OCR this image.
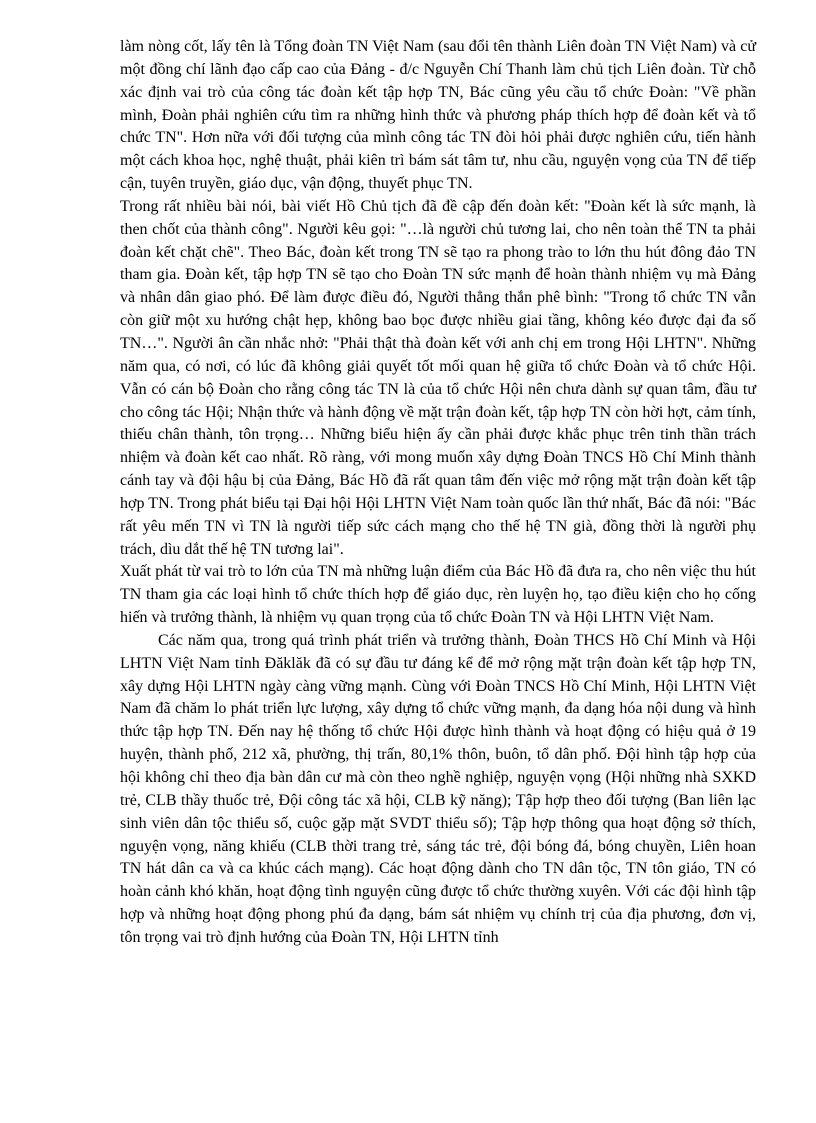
làm nòng cốt, lấy tên là Tổng đoàn TN Việt Nam (sau đổi tên thành Liên đoàn TN Việt Nam) và cử một đồng chí lãnh đạo cấp cao của Đảng - đ/c Nguyễn Chí Thanh làm chủ tịch Liên đoàn. Từ chỗ xác định vai trò của công tác đoàn kết tập hợp TN, Bác cũng yêu cầu tổ chức Đoàn: "Về phần mình, Đoàn phải nghiên cứu tìm ra những hình thức và phương pháp thích hợp để đoàn kết và tổ chức TN". Hơn nữa với đối tượng của mình công tác TN đòi hỏi phải được nghiên cứu, tiến hành một cách khoa học, nghệ thuật, phải kiên trì bám sát tâm tư, nhu cầu, nguyện vọng của TN để tiếp cận, tuyên truyền, giáo dục, vận động, thuyết phục TN.

Trong rất nhiều bài nói, bài viết Hồ Chủ tịch đã đề cập đến đoàn kết: "Đoàn kết là sức mạnh, là then chốt của thành công". Người kêu gọi: "…là người chủ tương lai, cho nên toàn thể TN ta phải đoàn kết chặt chẽ". Theo Bác, đoàn kết trong TN sẽ tạo ra phong trào to lớn thu hút đông đảo TN tham gia. Đoàn kết, tập hợp TN sẽ tạo cho Đoàn TN sức mạnh để hoàn thành nhiệm vụ mà Đảng và nhân dân giao phó. Để làm được điều đó, Người thẳng thắn phê bình: "Trong tổ chức TN vẫn còn giữ một xu hướng chật hẹp, không bao bọc được nhiều giai tầng, không kéo được đại đa số TN…". Người ân cần nhắc nhở: "Phải thật thà đoàn kết với anh chị em trong Hội LHTN". Những năm qua, có nơi, có lúc đã không giải quyết tốt mối quan hệ giữa tổ chức Đoàn và tổ chức Hội. Vẫn có cán bộ Đoàn cho rằng công tác TN là của tổ chức Hội nên chưa dành sự quan tâm, đầu tư cho công tác Hội; Nhận thức và hành động về mặt trận đoàn kết, tập hợp TN còn hời hợt, cảm tính, thiếu chân thành, tôn trọng… Những biểu hiện ấy cần phải được khắc phục trên tinh thần trách nhiệm và đoàn kết cao nhất. Rõ ràng, với mong muốn xây dựng Đoàn TNCS Hồ Chí Minh thành cánh tay và đội hậu bị của Đảng, Bác Hồ đã rất quan tâm đến việc mở rộng mặt trận đoàn kết tập hợp TN. Trong phát biểu tại Đại hội Hội LHTN Việt Nam toàn quốc lần thứ nhất, Bác đã nói: "Bác rất yêu mến TN vì TN là người tiếp sức cách mạng cho thế hệ TN già, đồng thời là người phụ trách, dìu dắt thế hệ TN tương lai".

Xuất phát từ vai trò to lớn của TN mà những luận điểm của Bác Hồ đã đưa ra, cho nên việc thu hút TN tham gia các loại hình tổ chức thích hợp để giáo dục, rèn luyện họ, tạo điều kiện cho họ cống hiến và trưởng thành, là nhiệm vụ quan trọng của tổ chức Đoàn TN và Hội LHTN Việt Nam.

Các năm qua, trong quá trình phát triển và trưởng thành, Đoàn THCS Hồ Chí Minh và Hội LHTN Việt Nam tỉnh Đăklăk đã có sự đầu tư đáng kể để mở rộng mặt trận đoàn kết tập hợp TN, xây dựng Hội LHTN ngày càng vững mạnh. Cùng với Đoàn TNCS Hồ Chí Minh, Hội LHTN Việt Nam đã chăm lo phát triển lực lượng, xây dựng tổ chức vững mạnh, đa dạng hóa nội dung và hình thức tập hợp TN. Đến nay hệ thống tổ chức Hội được hình thành và hoạt động có hiệu quả ở 19 huyện, thành phố, 212 xã, phường, thị trấn, 80,1% thôn, buôn, tổ dân phố. Đội hình tập hợp của hội không chỉ theo địa bàn dân cư mà còn theo nghề nghiệp, nguyện vọng (Hội những nhà SXKD trẻ, CLB thầy thuốc trẻ, Đội công tác xã hội, CLB kỹ năng); Tập hợp theo đối tượng (Ban liên lạc sinh viên dân tộc thiểu số, cuộc gặp mặt SVDT thiểu số); Tập hợp thông qua hoạt động sở thích, nguyện vọng, năng khiếu (CLB thời trang trẻ, sáng tác trẻ, đội bóng đá, bóng chuyền, Liên hoan TN hát dân ca và ca khúc cách mạng). Các hoạt động dành cho TN dân tộc, TN tôn giáo, TN có hoàn cảnh khó khăn, hoạt động tình nguyện cũng được tổ chức thường xuyên. Với các đội hình tập hợp và những hoạt động phong phú đa dạng, bám sát nhiệm vụ chính trị của địa phương, đơn vị, tôn trọng vai trò định hướng của Đoàn TN, Hội LHTN tỉnh
